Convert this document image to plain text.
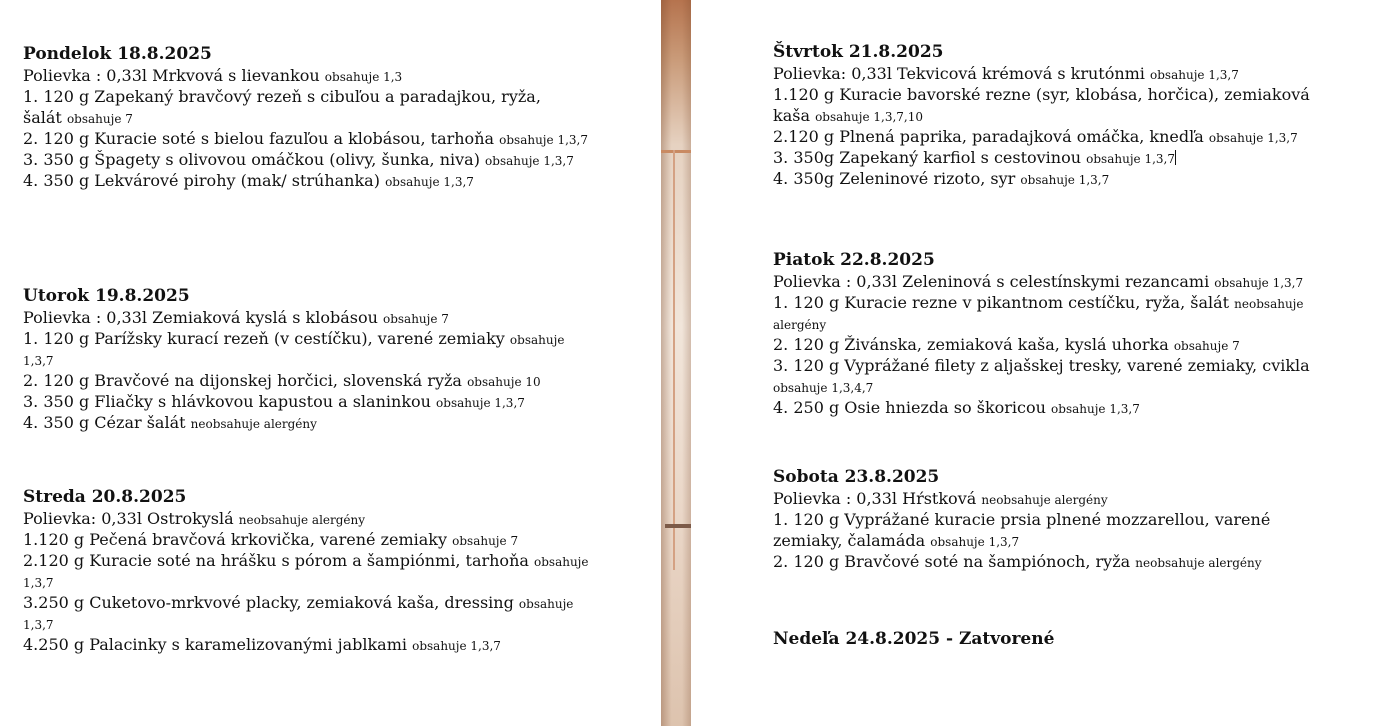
Pondelok 18.8.2025

Polievka : 0,33l Mrkvová s lievankou obsahuje 1,3

1. 120 g Zapekaný bravčový rezeň s cibuľou a paradajkou, ryža, šalát obsahuje 7

2. 120 g Kuracie soté s bielou fazuľou a klobásou, tarhoňa obsahuje 1,3,7

3. 350 g Špagety s olivovou omáčkou (olivy, šunka, niva) obsahuje 1,3,7

4. 350 g Lekvárové pirohy (mak/ strúhanka) obsahuje 1,3,7

Utorok 19.8.2025

Polievka : 0,33l Zemiaková kyslá s klobásou obsahuje 7

1. 120 g Parížsky kurací rezeň (v cestíčku), varené zemiaky obsahuje 1,3,7

2. 120 g Bravčové na dijonskej horčici, slovenská ryža obsahuje 10

3. 350 g Fliačky s hlávkovou kapustou a slaninkou obsahuje 1,3,7

4. 350 g Cézar šalát neobsahuje alergény

Streda 20.8.2025

Polievka: 0,33l Ostrokyslá neobsahuje alergény

1.120 g Pečená bravčová krkovička, varené zemiaky obsahuje 7

2.120 g Kuracie soté na hrášku s pórom a šampiónmi, tarhoňa obsahuje 1,3,7

3.250 g Cuketovo-mrkvové placky, zemiaková kaša, dressing obsahuje 1,3,7

4.250 g Palacinky s karamelizovanými jablkami obsahuje 1,3,7

Štvrtok 21.8.2025

Polievka: 0,33l Tekvicová krémová s krutónmi obsahuje 1,3,7

1.120 g Kuracie bavorské rezne (syr, klobása, horčica), zemiaková kaša obsahuje 1,3,7,10

2.120 g Plnená paprika, paradajková omáčka, knedľa obsahuje 1,3,7

3. 350g Zapekaný karfiol s cestovinou obsahuje 1,3,7

4. 350g Zeleninové rizoto, syr obsahuje 1,3,7

Piatok 22.8.2025

Polievka : 0,33l Zeleninová s celestínskymi rezancami obsahuje 1,3,7

1. 120 g Kuracie rezne v pikantnom cestíčku, ryža, šalát neobsahuje alergény

2. 120 g Živánska, zemiaková kaša, kyslá uhorka obsahuje 7

3. 120 g Vyprážané filety z aljašskej tresky, varené zemiaky, cvikla obsahuje 1,3,4,7

4. 250 g Osie hniezda so škoricou obsahuje 1,3,7

Sobota 23.8.2025

Polievka : 0,33l Hŕstková neobsahuje alergény

1. 120 g Vyprážané kuracie prsia plnené mozzarellou, varené zemiaky, čalamáda obsahuje 1,3,7

2. 120 g Bravčové soté na šampiónoch, ryža neobsahuje alergény

Nedeľa 24.8.2025 - Zatvorené
